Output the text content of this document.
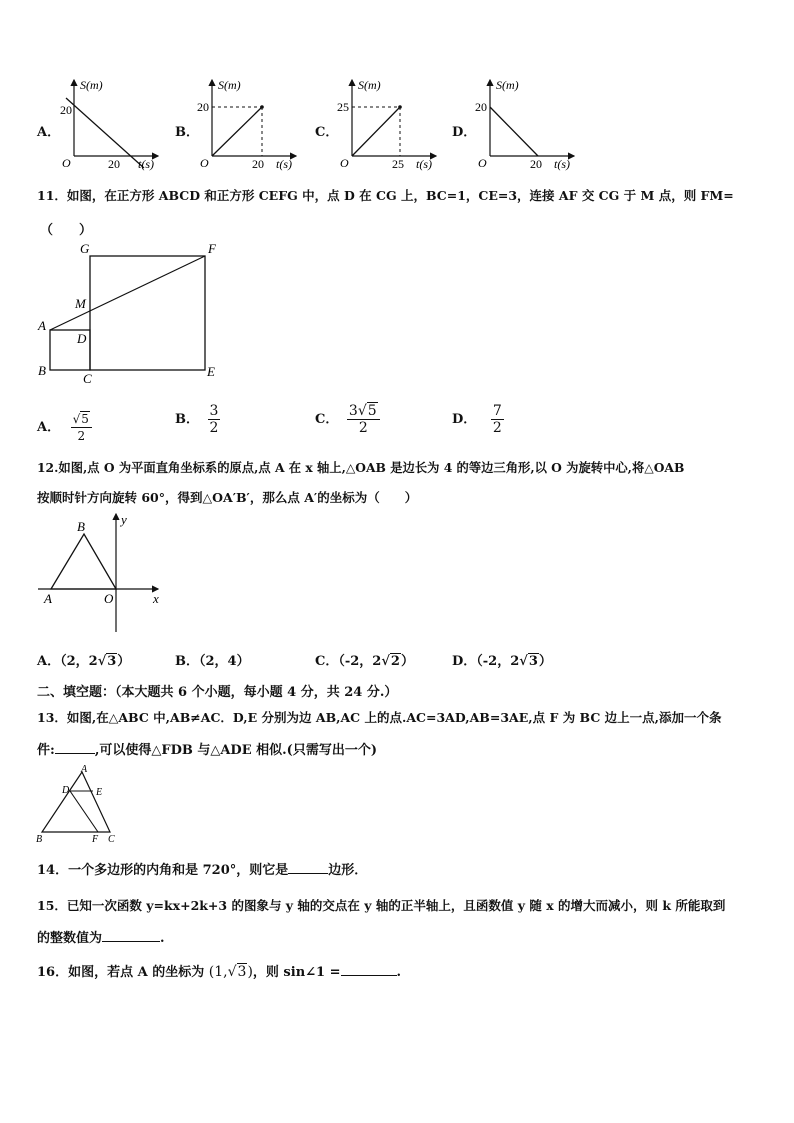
A．	B．	C．	D．
S(m)
t(s)
O
20
20
S(m)
t(s)
O
20
20
S(m)
t(s)
O
25
25
S(m)
t(s)
O
20
20
11．如图，在正方形 ABCD 和正方形 CEFG 中，点 D 在 CG 上，BC=1，CE=3，连接 AF 交 CG 于 M 点，则 FM=
（　　）
G	F
M
A
D
B
C	E
A． $\frac{√5}{2}$	B． $\frac{3}{2}$	C． $\frac{3√5}{2}$	D． $\frac{7}{2}$
12.如图,点 O 为平面直角坐标系的原点,点 A 在 x 轴上,△OAB 是边长为 4 的等边三角形,以 O 为旋转中心,将△OAB
按顺时针方向旋转 60°，得到△OA′B′，那么点 A′的坐标为（　　）
B	y
A	O	x
A．（2，2√3）	B．（2，4）	C．（-2，2√2）	D．（-2，2√3）
二、填空题：（本大题共 6 个小题，每小题 4 分，共 24 分.）
13．如图,在△ABC 中,AB≠AC．D,E 分别为边 AB,AC 上的点.AC=3AD,AB=3AE,点 F 为 BC 边上一点,添加一个条
件:	,可以使得△FDB 与△ADE 相似.(只需写出一个)
A
D	E
B	F C
14．一个多边形的内角和是 720°，则它是	边形．
15．已知一次函数 y=kx+2k+3 的图象与 y 轴的交点在 y 轴的正半轴上，且函数值 y 随 x 的增大而减小，则 k 所能取到
的整数值为	.
16．如图，若点 A 的坐标为 (1,√3)，则 sin∠1 =	.
